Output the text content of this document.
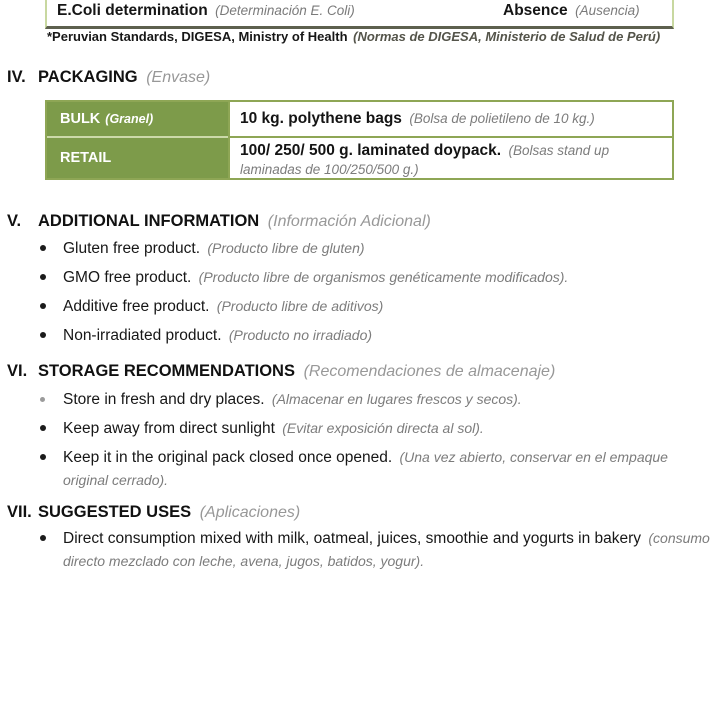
E.Coli determination (Determinación E. Coli)	Absence (Ausencia)
*Peruvian Standards, DIGESA, Ministry of Health (Normas de DIGESA, Ministerio de Salud de Perú)
IV. PACKAGING (Envase)
BULK (Granel)	10 kg. polythene bags (Bolsa de polietileno de 10 kg.)
RETAIL	100/ 250/ 500 g. laminated doypack. (Bolsas stand up laminadas de 100/250/500 g.)
V. ADDITIONAL INFORMATION (Información Adicional)
Gluten free product. (Producto libre de gluten)
GMO free product. (Producto libre de organismos genéticamente modificados).
Additive free product. (Producto libre de aditivos)
Non-irradiated product. (Producto no irradiado)
VI. STORAGE RECOMMENDATIONS (Recomendaciones de almacenaje)
Store in fresh and dry places. (Almacenar en lugares frescos y secos).
Keep away from direct sunlight (Evitar exposición directa al sol).
Keep it in the original pack closed once opened. (Una vez abierto, conservar en el empaque original cerrado).
VII. SUGGESTED USES (Aplicaciones)
Direct consumption mixed with milk, oatmeal, juices, smoothie and yogurts in bakery (consumo directo mezclado con leche, avena, jugos, batidos, yogur).
